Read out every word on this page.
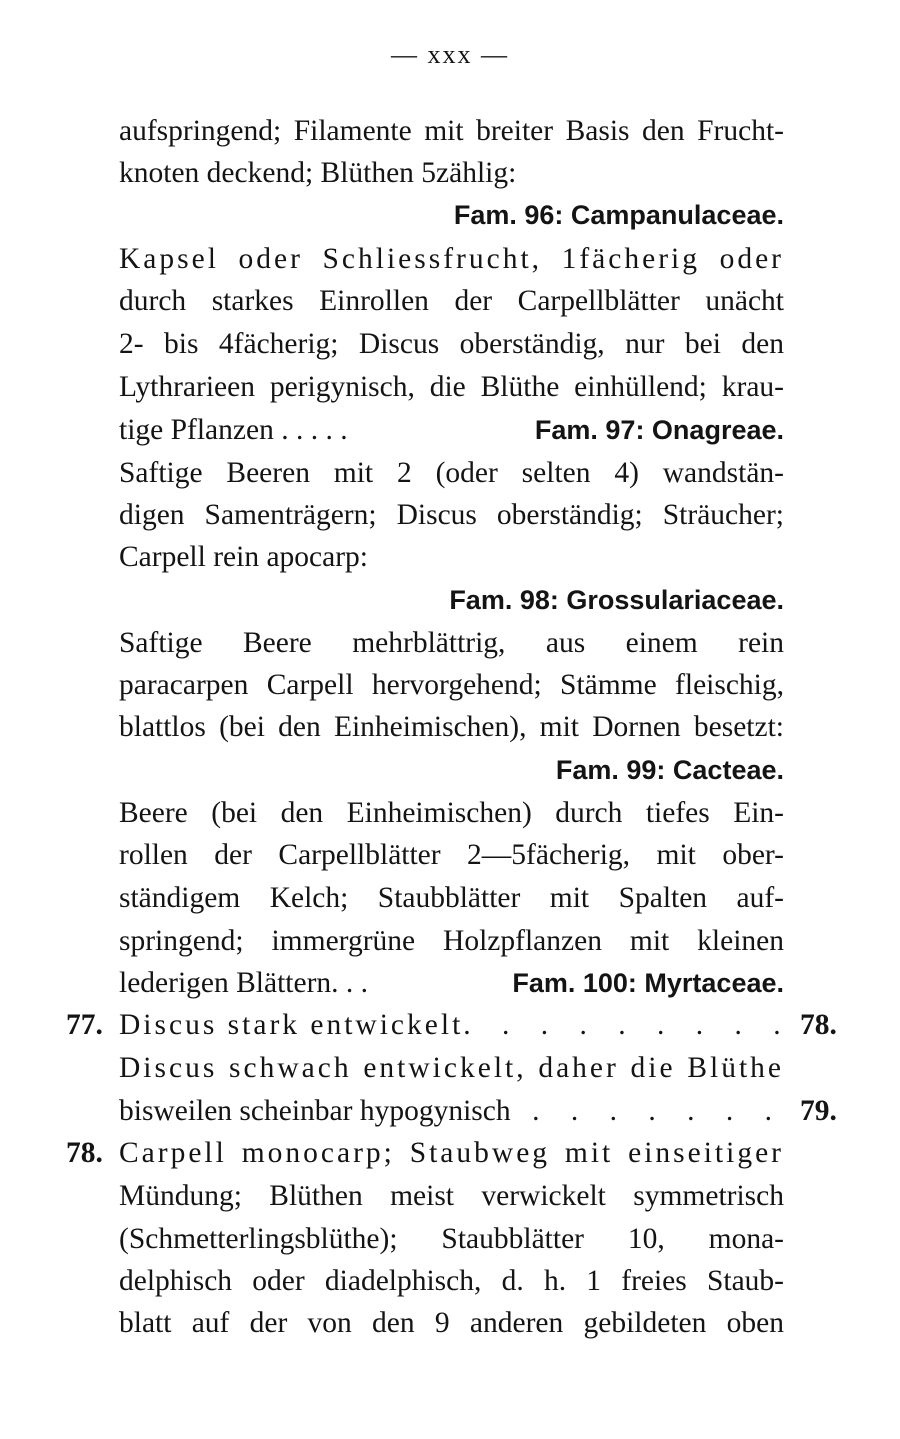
— xxx —
aufspringend; Filamente mit breiter Basis den Frucht-
knoten deckend; Blüthen 5zählig:
Fam. 96: Campanulaceae.
Kapsel oder Schliessfrucht, 1fächerig oder
durch starkes Einrollen der Carpellblätter unächt
2- bis 4fächerig; Discus oberständig, nur bei den
Lythrarieen perigynisch, die Blüthe einhüllend; krau-
tige Pflanzen . . . . .	Fam. 97: Onagreae.
Saftige Beeren mit 2 (oder selten 4) wandstän-
digen Samenträgern; Discus oberständig; Sträucher;
Carpell rein apocarp:
Fam. 98: Grossulariaceae.
Saftige Beere mehrblättrig, aus einem rein
paracarpen Carpell hervorgehend; Stämme fleischig,
blattlos (bei den Einheimischen), mit Dornen besetzt:
Fam. 99: Cacteae.
Beere (bei den Einheimischen) durch tiefes Ein-
rollen der Carpellblätter 2—5fächerig, mit ober-
ständigem Kelch; Staubblätter mit Spalten auf-
springend; immergrüne Holzpflanzen mit kleinen
lederigen Blättern. . .	Fam. 100: Myrtaceae.
77. Discus stark entwickelt . . . . . . . . . 78.
Discus schwach entwickelt, daher die Blüthe
bisweilen scheinbar hypogynisch . . . . . . . 79.
78. Carpell monocarp; Staubweg mit einseitiger
Mündung; Blüthen meist verwickelt symmetrisch
(Schmetterlingsblüthe); Staubblätter 10, mona-
delphisch oder diadelphisch, d. h. 1 freies Staub-
blatt auf der von den 9 anderen gebildeten oben
